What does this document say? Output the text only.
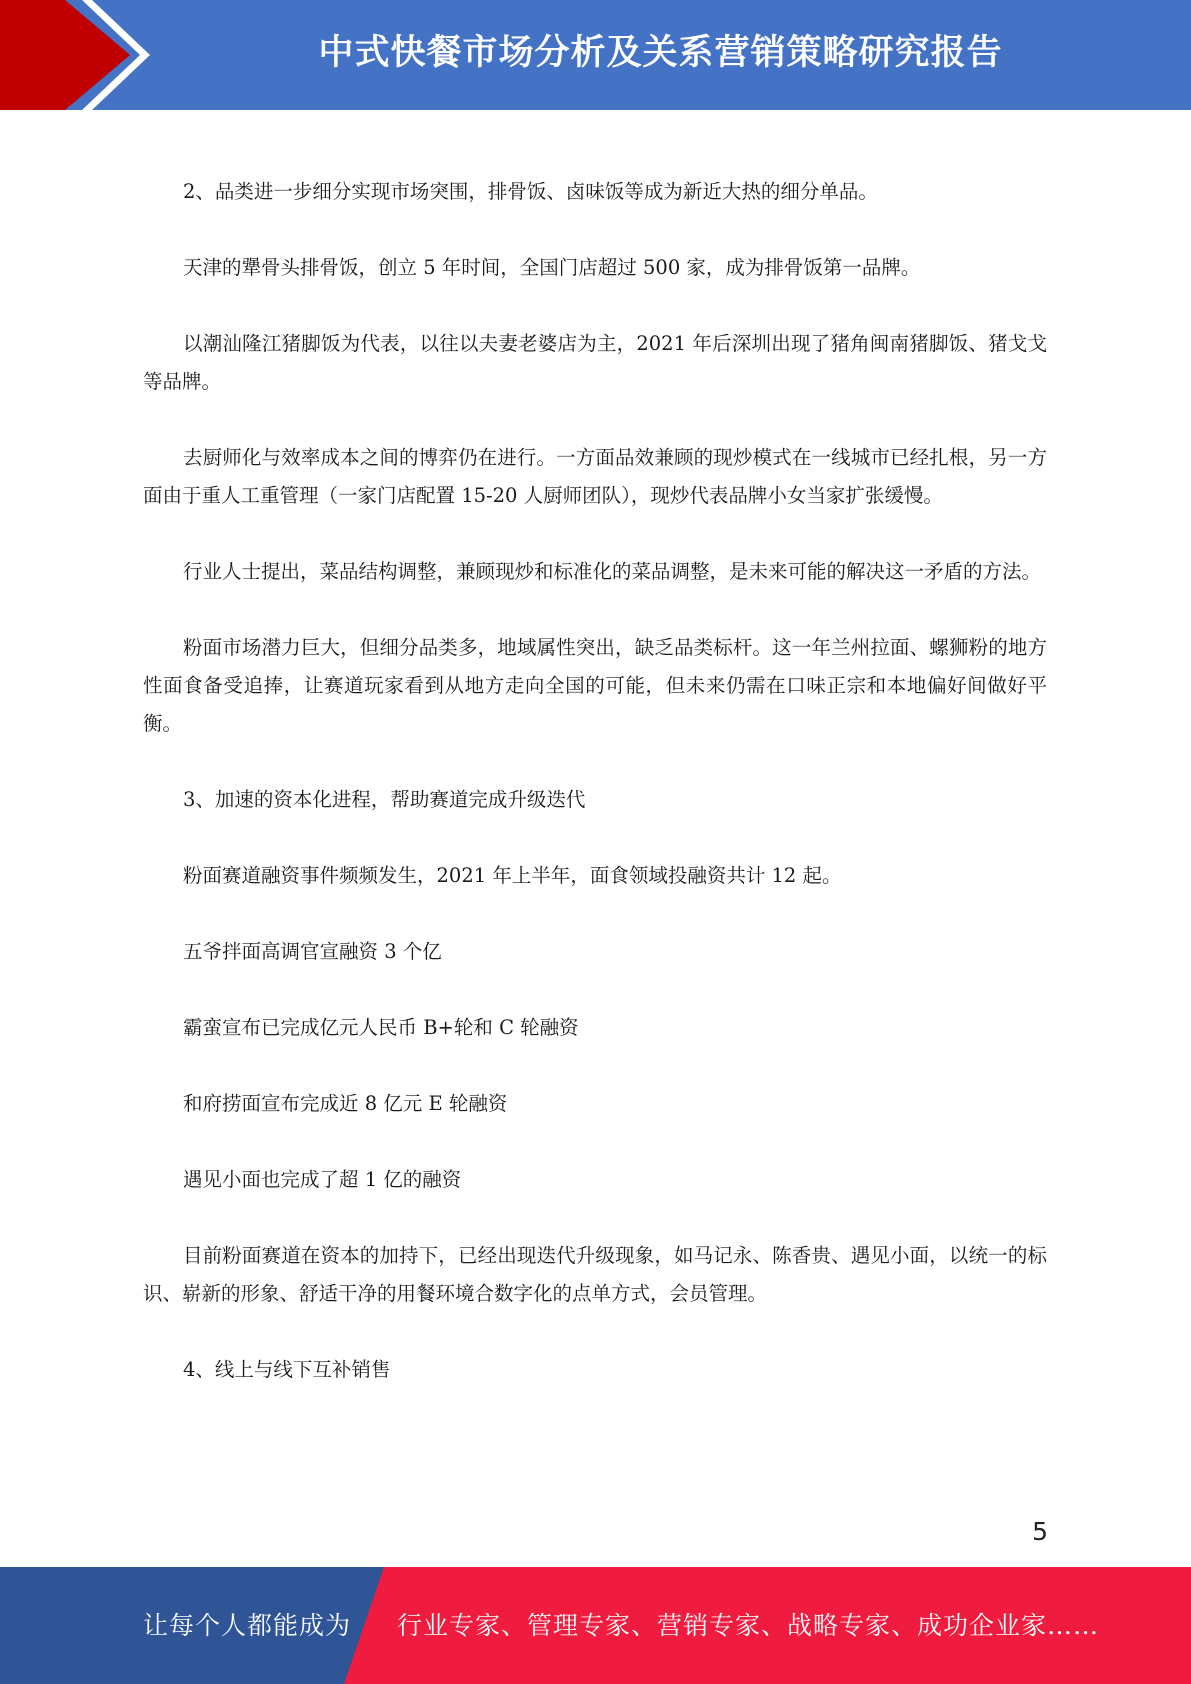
中式快餐市场分析及关系营销策略研究报告

2、品类进一步细分实现市场突围，排骨饭、卤味饭等成为新近大热的细分单品。

天津的犟骨头排骨饭，创立 5 年时间，全国门店超过 500 家，成为排骨饭第一品牌。

以潮汕隆江猪脚饭为代表，以往以夫妻老婆店为主，2021 年后深圳出现了猪角闽南猪脚饭、猪戈戈等品牌。

去厨师化与效率成本之间的博弈仍在进行。一方面品效兼顾的现炒模式在一线城市已经扎根，另一方面由于重人工重管理（一家门店配置 15-20 人厨师团队），现炒代表品牌小女当家扩张缓慢。

行业人士提出，菜品结构调整，兼顾现炒和标准化的菜品调整，是未来可能的解决这一矛盾的方法。

粉面市场潜力巨大，但细分品类多，地域属性突出，缺乏品类标杆。这一年兰州拉面、螺狮粉的地方性面食备受追捧，让赛道玩家看到从地方走向全国的可能，但未来仍需在口味正宗和本地偏好间做好平衡。

3、加速的资本化进程，帮助赛道完成升级迭代

粉面赛道融资事件频频发生，2021 年上半年，面食领域投融资共计 12 起。

五爷拌面高调官宣融资 3 个亿

霸蛮宣布已完成亿元人民币 B+轮和 C 轮融资

和府捞面宣布完成近 8 亿元 E 轮融资

遇见小面也完成了超 1 亿的融资

目前粉面赛道在资本的加持下，已经出现迭代升级现象，如马记永、陈香贵、遇见小面，以统一的标识、崭新的形象、舒适干净的用餐环境合数字化的点单方式，会员管理。

4、线上与线下互补销售

5
让每个人都能成为 行业专家、管理专家、营销专家、战略专家、成功企业家……
